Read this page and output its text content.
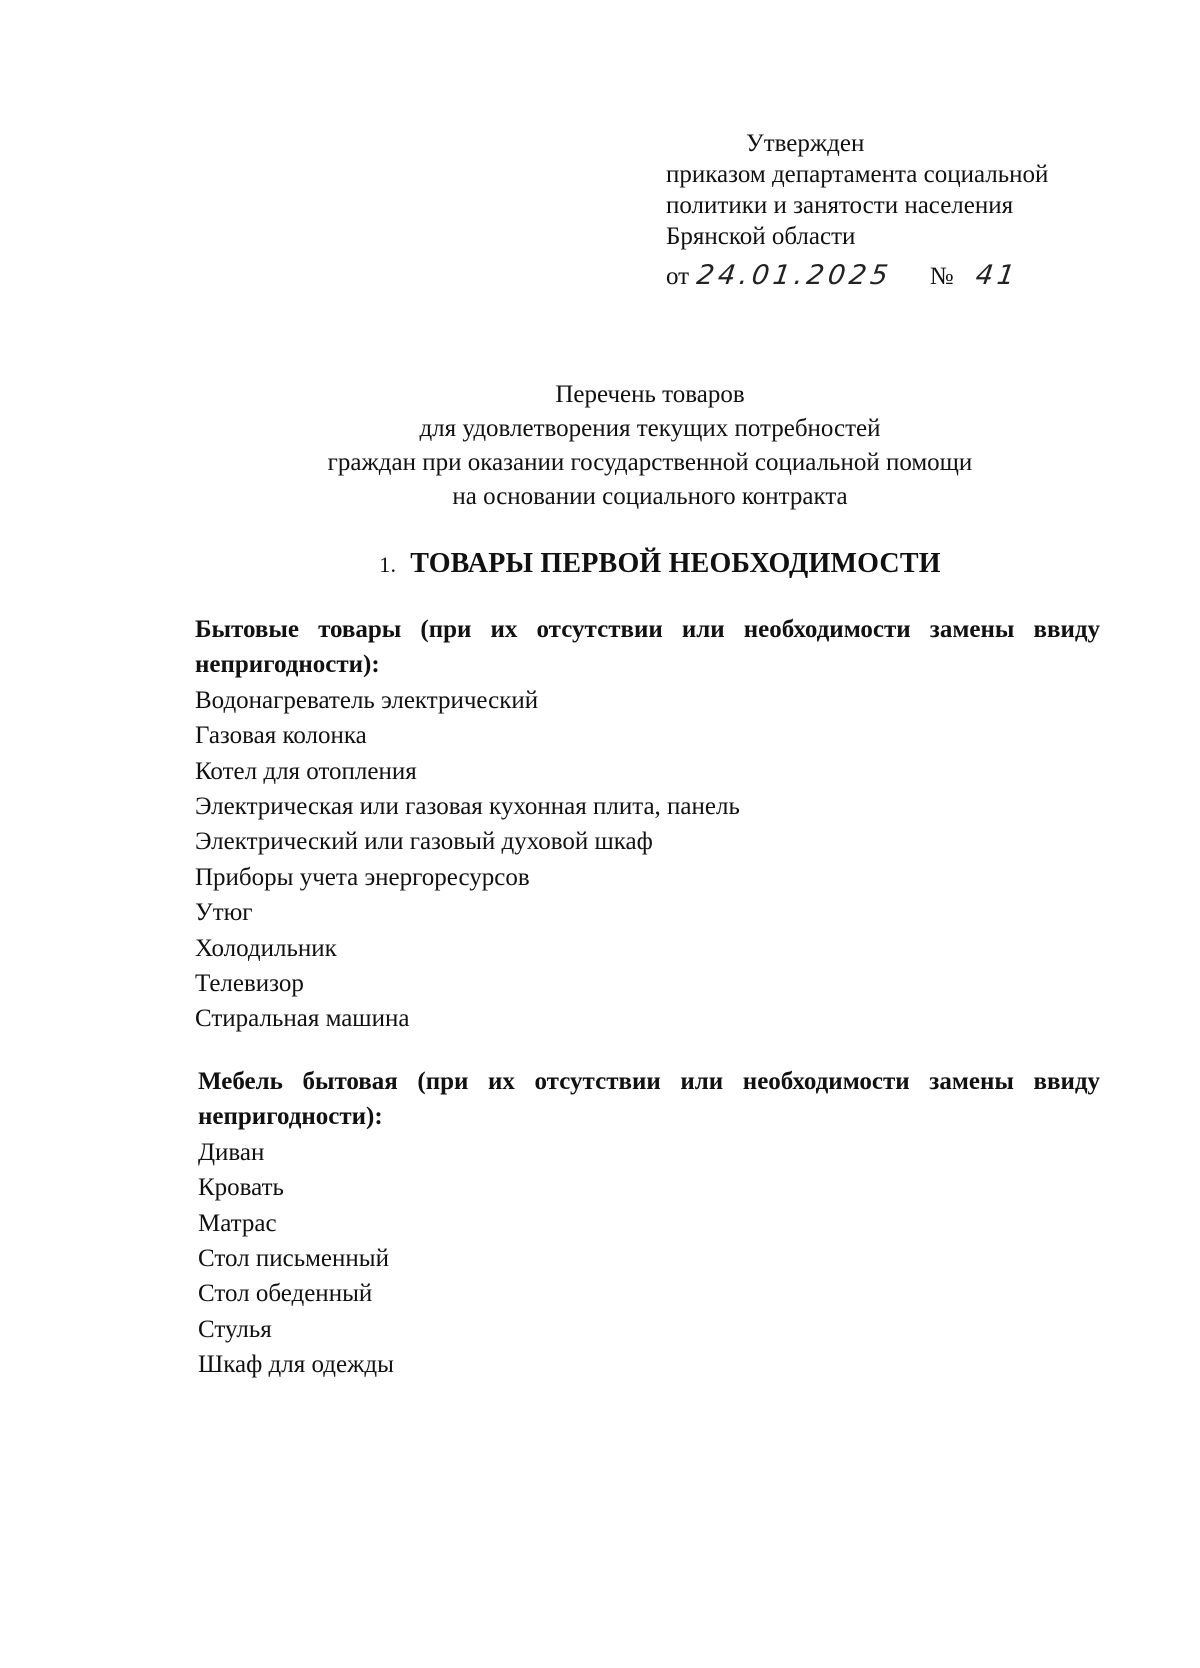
Утвержден
приказом департамента социальной
политики и занятости населения
Брянской области
от 24.01.2025 № 41
Перечень товаров
для удовлетворения текущих потребностей
граждан при оказании государственной социальной помощи
на основании социального контракта
1. ТОВАРЫ ПЕРВОЙ НЕОБХОДИМОСТИ

Бытовые товары (при их отсутствии или необходимости замены ввиду непригодности):

Водонагреватель электрический
Газовая колонка
Котел для отопления
Электрическая или газовая кухонная плита, панель
Электрический или газовый духовой шкаф
Приборы учета энергоресурсов
Утюг
Холодильник
Телевизор
Стиральная машина

Мебель бытовая (при их отсутствии или необходимости замены ввиду непригодности):

Диван
Кровать
Матрас
Стол письменный
Стол обеденный
Стулья
Шкаф для одежды
